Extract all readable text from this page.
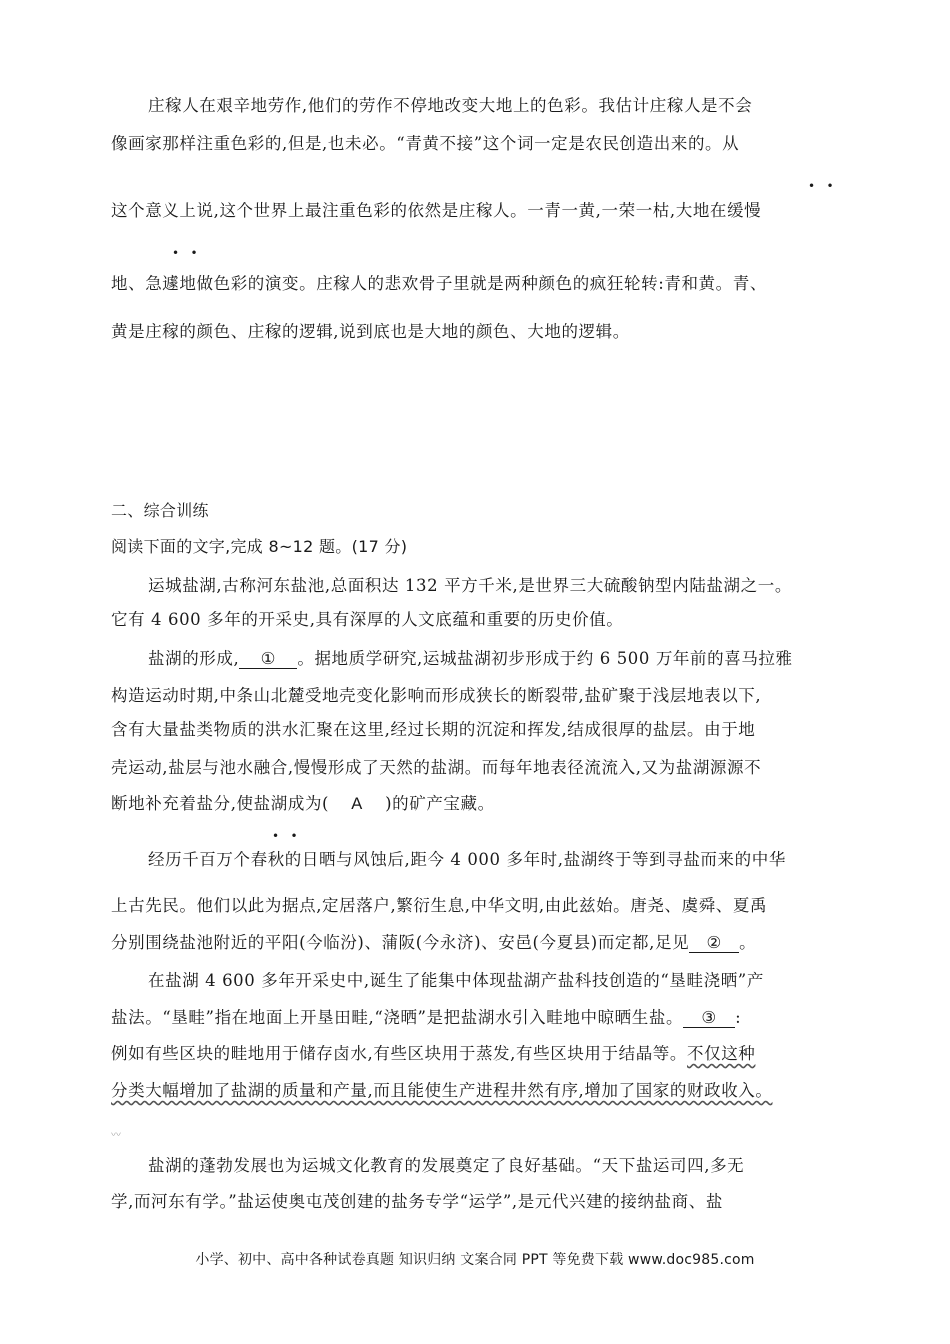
庄稼人在艰辛地劳作,他们的劳作不停地改变大地上的色彩。我估计庄稼人是不会
像画家那样注重色彩的,但是,也未必。“青黄不接”这个词一定是农民创造出来的。从
•   •
这个意义上说,这个世界上最注重色彩的依然是庄稼人。一青一黄,一荣一枯,大地在缓慢
•   •
地、急遽地做色彩的演变。庄稼人的悲欢骨子里就是两种颜色的疯狂轮转:青和黄。青、
黄是庄稼的颜色、庄稼的逻辑,说到底也是大地的颜色、大地的逻辑。
二、综合训练
阅读下面的文字,完成 8~12 题。(17 分)
运城盐湖,古称河东盐池,总面积达 132 平方千米,是世界三大硫酸钠型内陆盐湖之一。
它有 4 600 多年的开采史,具有深厚的人文底蕴和重要的历史价值。
盐湖的形成, ① 。据地质学研究,运城盐湖初步形成于约 6 500 万年前的喜马拉雅
构造运动时期,中条山北麓受地壳变化影响而形成狭长的断裂带,盐矿聚于浅层地表以下,
含有大量盐类物质的洪水汇聚在这里,经过长期的沉淀和挥发,结成很厚的盐层。由于地
壳运动,盐层与池水融合,慢慢形成了天然的盐湖。而每年地表径流流入,又为盐湖源源不
断地补充着盐分,使盐湖成为( A )的矿产宝藏。
•   •
经历千百万个春秋的日晒与风蚀后,距今 4 000 多年时,盐湖终于等到寻盐而来的中华
上古先民。他们以此为据点,定居落户,繁衍生息,中华文明,由此兹始。唐尧、虞舜、夏禹
分别围绕盐池附近的平阳(今临汾)、蒲阪(今永济)、安邑(今夏县)而定都,足见 ② 。
在盐湖 4 600 多年开采史中,诞生了能集中体现盐湖产盐科技创造的“垦畦浇晒”产
盐法。“垦畦”指在地面上开垦田畦,“浇晒”是把盐湖水引入畦地中晾晒生盐。 ③ :
例如有些区块的畦地用于储存卤水,有些区块用于蒸发,有些区块用于结晶等。不仅这种
分类大幅增加了盐湖的质量和产量,而且能使生产进程井然有序,增加了国家的财政收入。
〰
盐湖的蓬勃发展也为运城文化教育的发展奠定了良好基础。“天下盐运司四,多无
学,而河东有学。”盐运使奥屯茂创建的盐务专学“运学”,是元代兴建的接纳盐商、盐
小学、初中、高中各种试卷真题 知识归纳 文案合同 PPT 等免费下载 www.doc985.com
